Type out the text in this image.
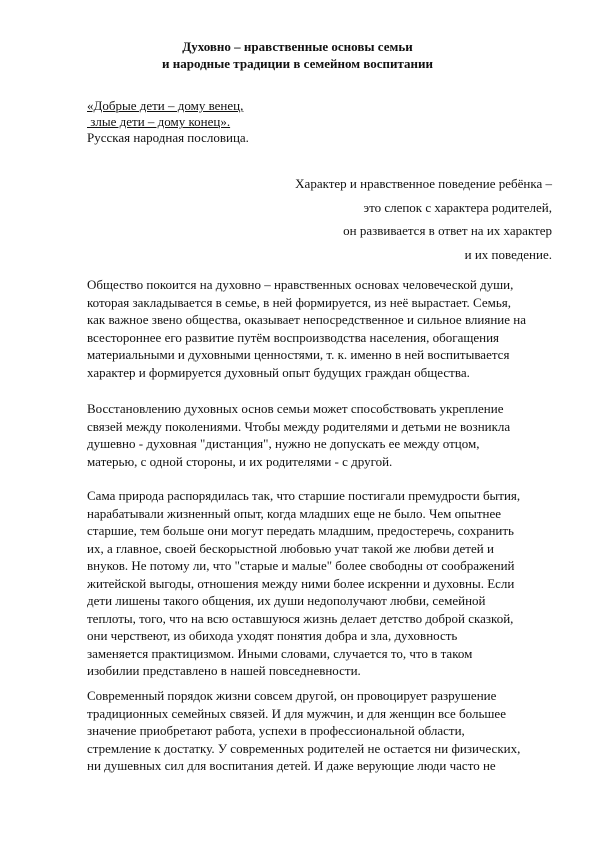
Духовно – нравственные основы семьи
и народные традиции в семейном воспитании
«Добрые дети – дому венец,
злые дети – дому конец».
Русская народная пословица.
Характер и нравственное поведение ребёнка –
это слепок с характера родителей,
он развивается в ответ на их характер
и их поведение.
Общество покоится на духовно – нравственных основах человеческой души,
которая закладывается в семье, в ней формируется, из неё вырастает. Семья,
как важное звено общества, оказывает непосредственное и сильное влияние на
всестороннее его развитие путём воспроизводства населения, обогащения
материальными и духовными ценностями, т. к. именно в ней воспитывается
характер и формируется духовный опыт будущих граждан общества.
Восстановлению духовных основ семьи может способствовать укрепление
связей между поколениями. Чтобы между родителями и детьми не возникла
душевно - духовная "дистанция", нужно не допускать ее между отцом,
матерью, с одной стороны, и их родителями - с другой.
Сама природа распорядилась так, что старшие постигали премудрости бытия,
нарабатывали жизненный опыт, когда младших еще не было. Чем опытнее
старшие, тем больше они могут передать младшим, предостеречь, сохранить
их, а главное, своей бескорыстной любовью учат такой же любви детей и
внуков. Не потому ли, что "старые и малые" более свободны от соображений
житейской выгоды, отношения между ними более искренни и духовны. Если
дети лишены такого общения, их души недополучают любви, семейной
теплоты, того, что на всю оставшуюся жизнь делает детство доброй сказкой,
они черствеют, из обихода уходят понятия добра и зла, духовность
заменяется практицизмом. Иными словами, случается то, что в таком
изобилии представлено в нашей повседневности.
Современный порядок жизни совсем другой, он провоцирует разрушение
традиционных семейных связей. И для мужчин, и для женщин все большее
значение приобретают работа, успехи в профессиональной области,
стремление к достатку. У современных родителей не остается ни физических,
ни душевных сил для воспитания детей. И даже верующие люди часто не
